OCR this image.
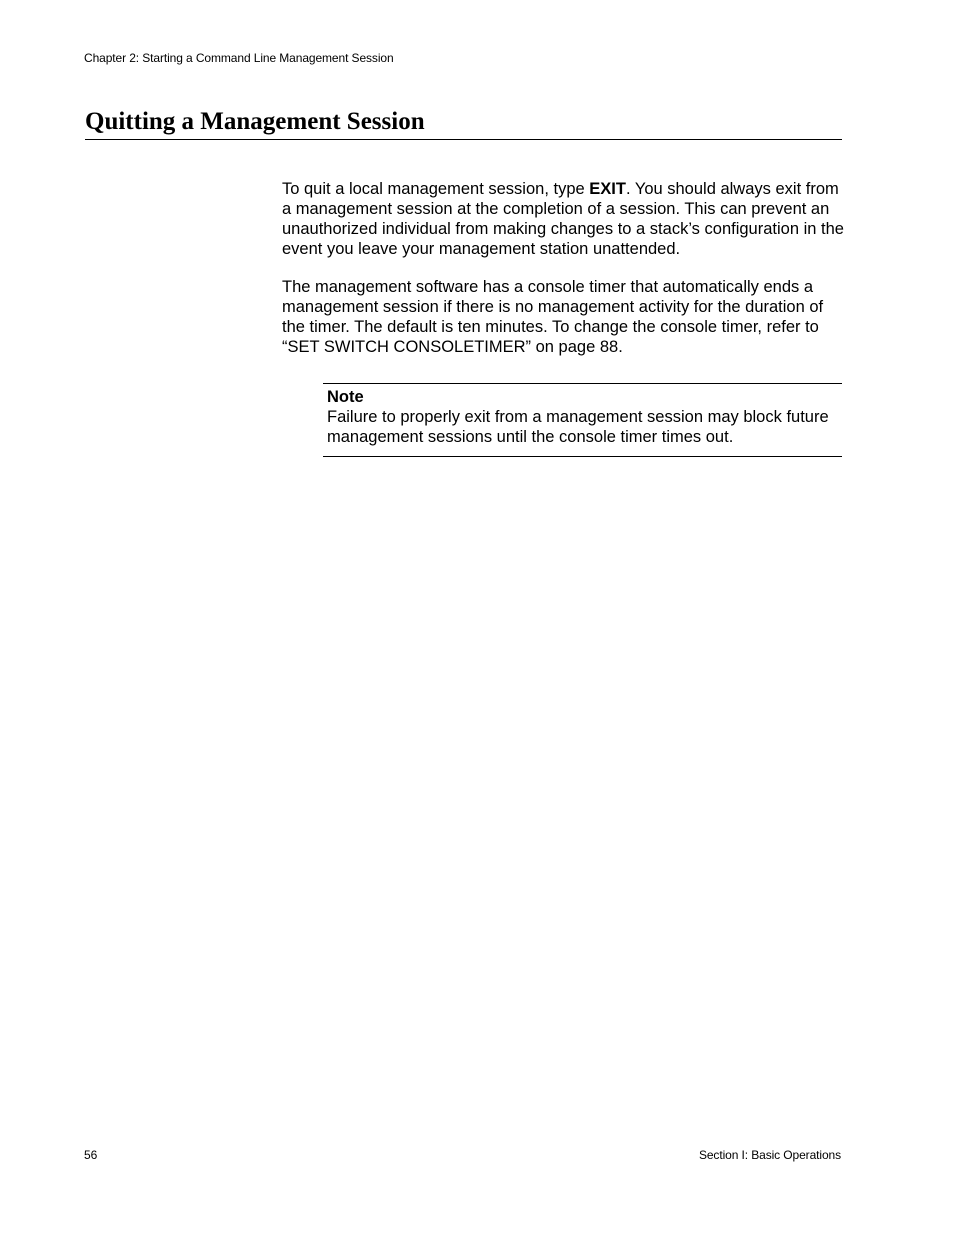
Chapter 2: Starting a Command Line Management Session
Quitting a Management Session

To quit a local management session, type EXIT. You should always exit from a management session at the completion of a session. This can prevent an unauthorized individual from making changes to a stack’s configuration in the event you leave your management station unattended.

The management software has a console timer that automatically ends a management session if there is no management activity for the duration of the timer. The default is ten minutes. To change the console timer, refer to “SET SWITCH CONSOLETIMER” on page 88.

Note

Failure to properly exit from a management session may block future management sessions until the console timer times out.

56	Section I: Basic Operations
